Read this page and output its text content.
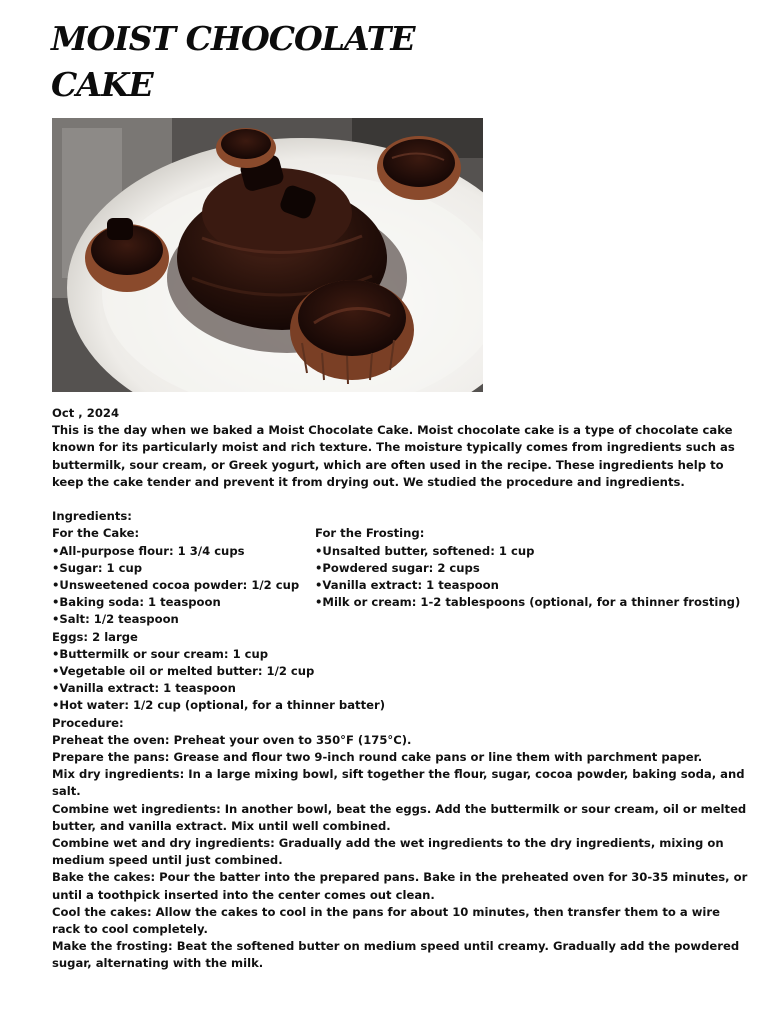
MOIST CHOCOLATE
CAKE

Oct , 2024

This is the day when we baked a Moist Chocolate Cake. Moist chocolate cake is a type of chocolate cake known for its particularly moist and rich texture. The moisture typically comes from ingredients such as buttermilk, sour cream, or Greek yogurt, which are often used in the recipe. These ingredients help to keep the cake tender and prevent it from drying out. We studied the procedure and ingredients.

Ingredients:

For the Cake:

•All-purpose flour: 1 3/4 cups

•Sugar: 1 cup

•Unsweetened cocoa powder: 1/2 cup

•Baking soda: 1 teaspoon

•Salt: 1/2 teaspoon

Eggs: 2 large

•Buttermilk or sour cream: 1 cup

•Vegetable oil or melted butter: 1/2 cup

•Vanilla extract: 1 teaspoon

•Hot water: 1/2 cup (optional, for a thinner batter)

For the Frosting:

•Unsalted butter, softened: 1 cup

•Powdered sugar: 2 cups

•Vanilla extract: 1 teaspoon

•Milk or cream: 1-2 tablespoons (optional, for a thinner frosting)

Procedure:

Preheat the oven: Preheat your oven to 350°F (175°C).

Prepare the pans: Grease and flour two 9-inch round cake pans or line them with parchment paper.

Mix dry ingredients: In a large mixing bowl, sift together the flour, sugar, cocoa powder, baking soda, and salt.

Combine wet ingredients: In another bowl, beat the eggs. Add the buttermilk or sour cream, oil or melted butter, and vanilla extract. Mix until well combined.

Combine wet and dry ingredients: Gradually add the wet ingredients to the dry ingredients, mixing on medium speed until just combined.

Bake the cakes: Pour the batter into the prepared pans. Bake in the preheated oven for 30-35 minutes, or until a toothpick inserted into the center comes out clean.

Cool the cakes: Allow the cakes to cool in the pans for about 10 minutes, then transfer them to a wire rack to cool completely.

Make the frosting: Beat the softened butter on medium speed until creamy. Gradually add the powdered sugar, alternating with the milk.
